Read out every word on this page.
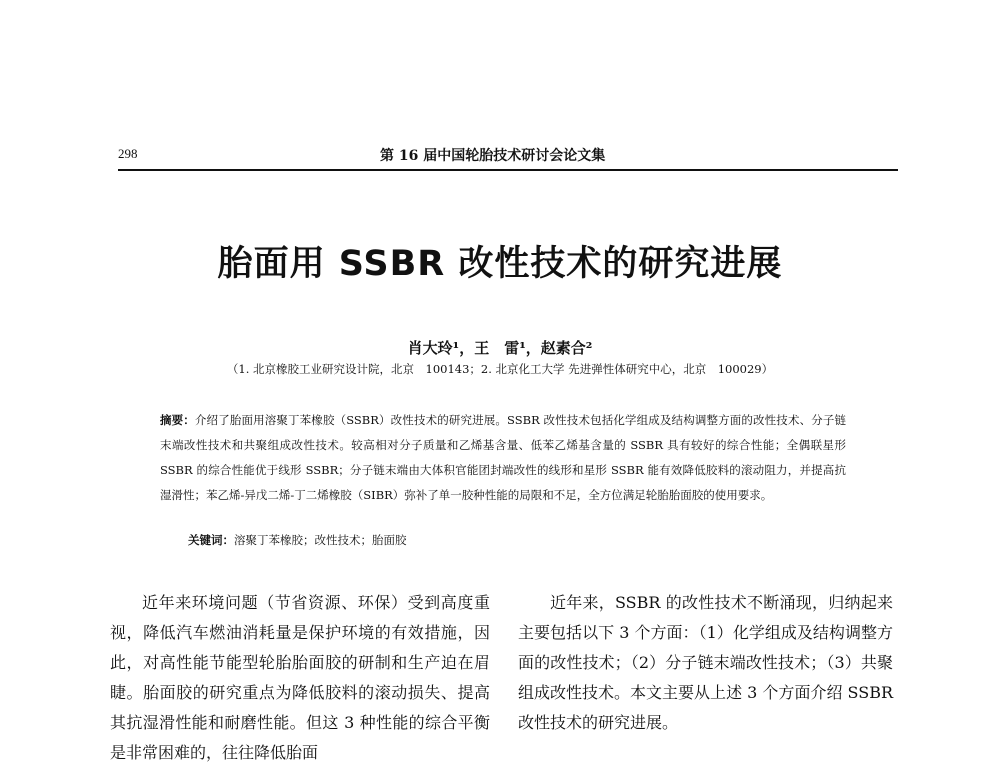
298	第 16 届中国轮胎技术研讨会论文集
胎面用 SSBR 改性技术的研究进展
肖大玲¹，王　雷¹，赵素合²
（1. 北京橡胶工业研究设计院，北京　100143；2. 北京化工大学 先进弹性体研究中心，北京　100029）
摘要：介绍了胎面用溶聚丁苯橡胶（SSBR）改性技术的研究进展。SSBR 改性技术包括化学组成及结构调整方面的改性技术、分子链末端改性技术和共聚组成改性技术。较高相对分子质量和乙烯基含量、低苯乙烯基含量的 SSBR 具有较好的综合性能；全偶联星形 SSBR 的综合性能优于线形 SSBR；分子链末端由大体积官能团封端改性的线形和星形 SSBR 能有效降低胶料的滚动阻力，并提高抗湿滑性；苯乙烯-异戊二烯-丁二烯橡胶（SIBR）弥补了单一胶种性能的局限和不足，全方位满足轮胎胎面胶的使用要求。
关键词：溶聚丁苯橡胶；改性技术；胎面胶

近年来环境问题（节省资源、环保）受到高度重视，降低汽车燃油消耗量是保护环境的有效措施，因此，对高性能节能型轮胎胎面胶的研制和生产迫在眉睫。胎面胶的研究重点为降低胶料的滚动损失、提高其抗湿滑性能和耐磨性能。但这 3 种性能的综合平衡是非常困难的，往往降低胎面

近年来，SSBR 的改性技术不断涌现，归纳起来主要包括以下 3 个方面：（1）化学组成及结构调整方面的改性技术；（2）分子链末端改性技术；（3）共聚组成改性技术。本文主要从上述 3 个方面介绍 SSBR 改性技术的研究进展。
